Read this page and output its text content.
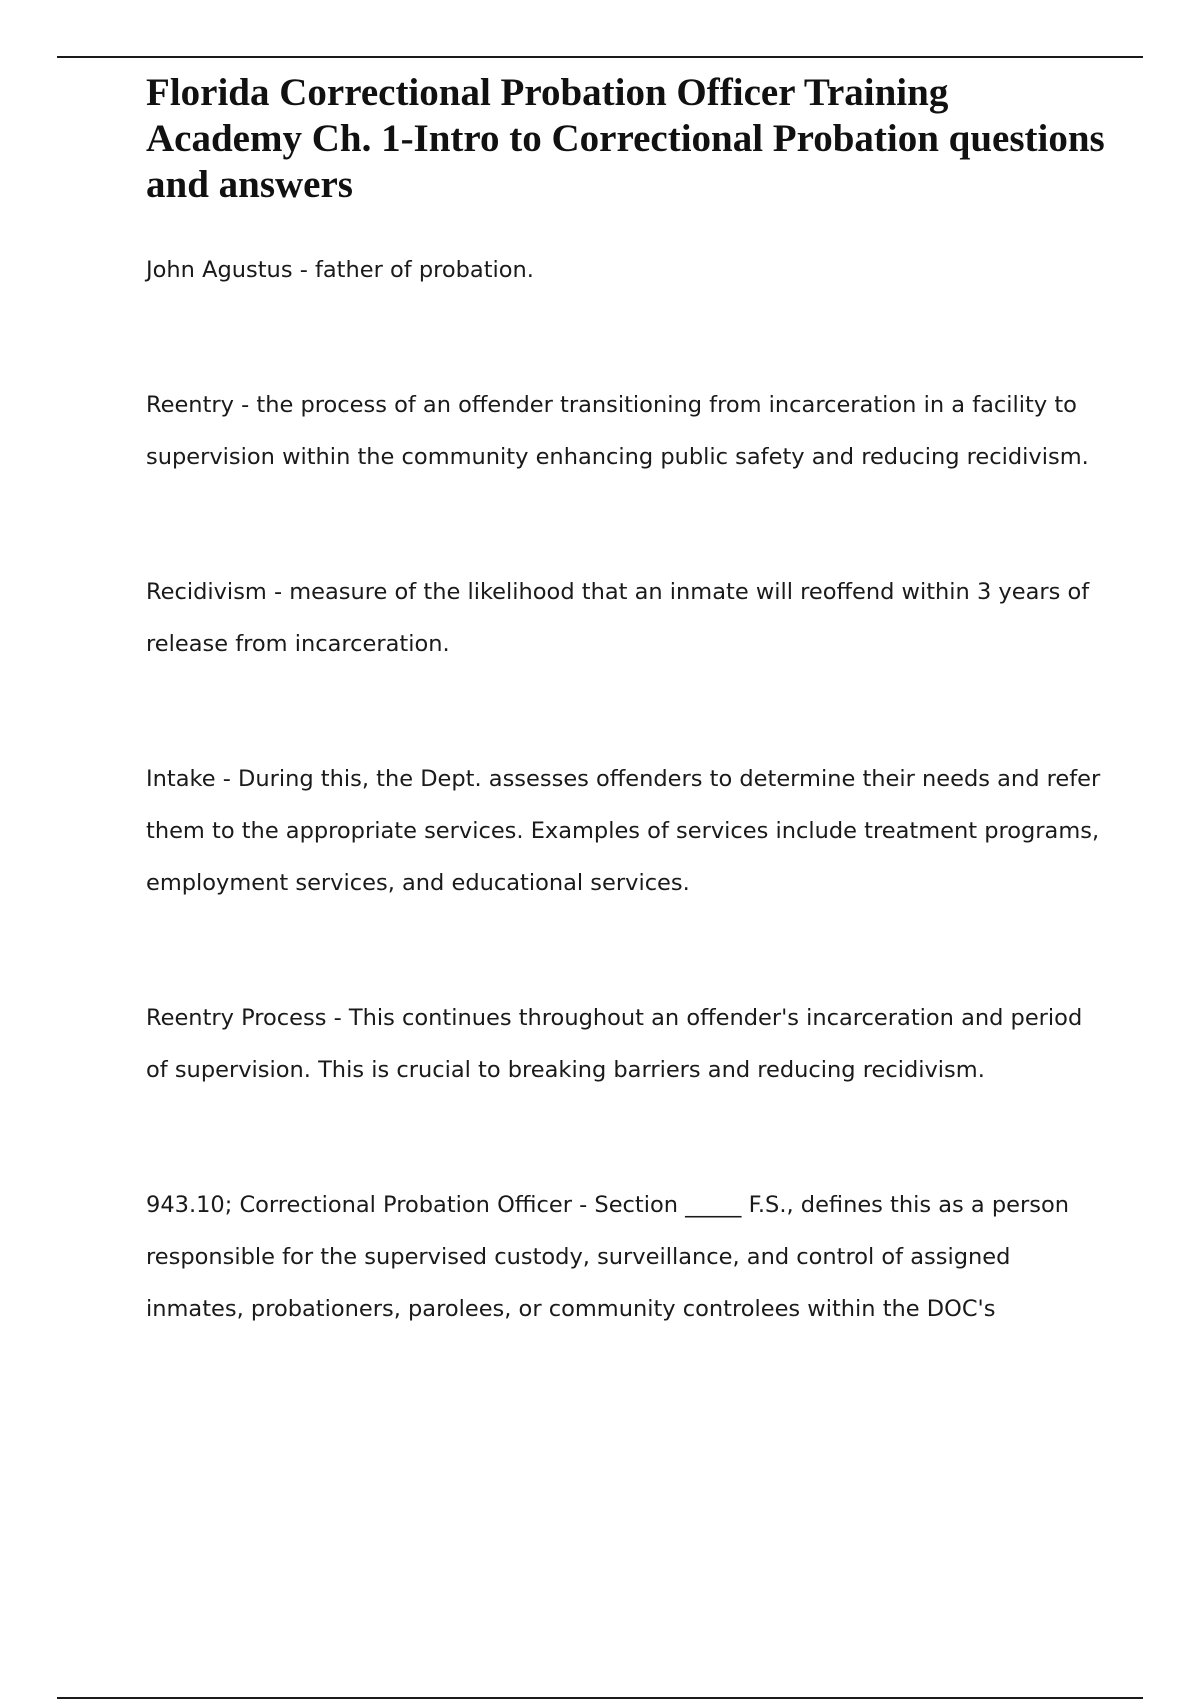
Florida Correctional Probation Officer Training Academy Ch. 1-Intro to Correctional Probation questions and answers

John Agustus - father of probation.

Reentry - the process of an offender transitioning from incarceration in a facility to supervision within the community enhancing public safety and reducing recidivism.

Recidivism - measure of the likelihood that an inmate will reoffend within 3 years of release from incarceration.

Intake - During this, the Dept. assesses offenders to determine their needs and refer them to the appropriate services. Examples of services include treatment programs, employment services, and educational services.

Reentry Process - This continues throughout an offender's incarceration and period of supervision. This is crucial to breaking barriers and reducing recidivism.

943.10; Correctional Probation Officer - Section _____ F.S., defines this as a person responsible for the supervised custody, surveillance, and control of assigned inmates, probationers, parolees, or community controlees within the DOC's
